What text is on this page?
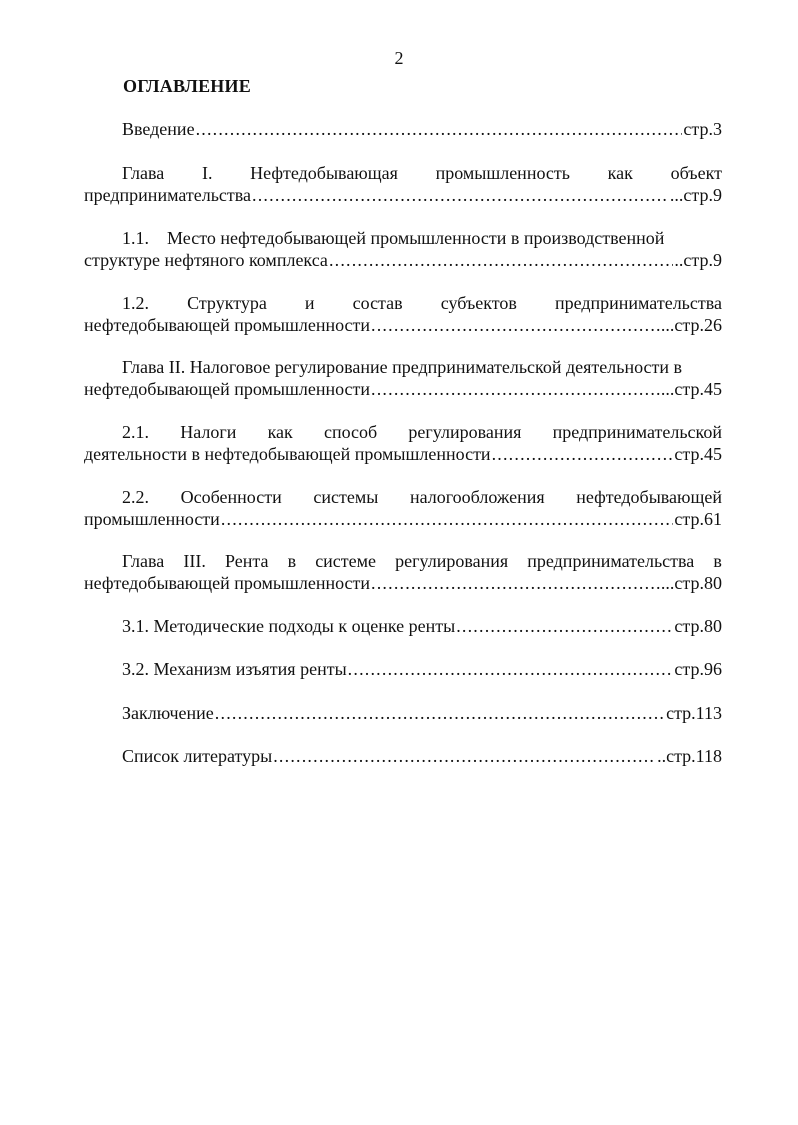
2
ОГЛАВЛЕНИЕ
Введение .....	стр.3
Глава I. Нефтедобывающая промышленность как объект
предпринимательства .....	...стр.9
1.1.    Место нефтедобывающей промышленности в производственной
структуре нефтяного комплекса .....	..стр.9
1.2. Структура и состав субъектов предпринимательства
нефтедобывающей промышленности .....	...стр.26
Глава II. Налоговое регулирование предпринимательской деятельности в
нефтедобывающей промышленности .....	...стр.45
2.1. Налоги как способ регулирования предпринимательской
деятельности в нефтедобывающей промышленности .....	стр.45
2.2. Особенности системы налогообложения нефтедобывающей
промышленности .....	стр.61
Глава III. Рента в системе регулирования предпринимательства в
нефтедобывающей промышленности .....	...стр.80
3.1. Методические подходы к оценке ренты .....	стр.80
3.2. Механизм изъятия ренты .....	стр.96
Заключение .....	стр.113
Список литературы .....	..стр.118
